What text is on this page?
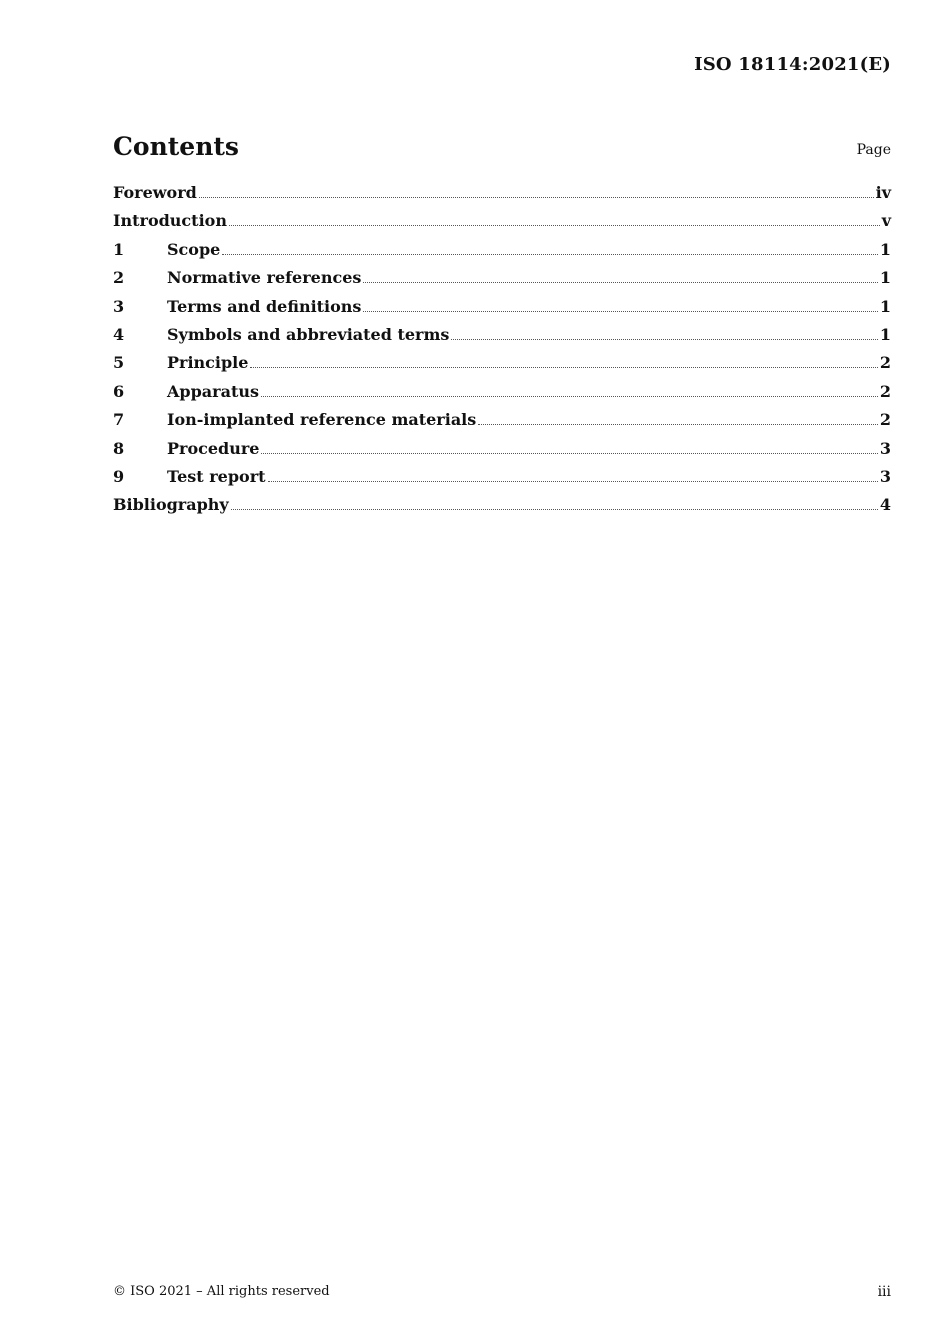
ISO 18114:2021(E)
Contents	Page
Foreword	iv
Introduction	v
1	Scope	1
2	Normative references	1
3	Terms and definitions	1
4	Symbols and abbreviated terms	1
5	Principle	2
6	Apparatus	2
7	Ion-implanted reference materials	2
8	Procedure	3
9	Test report	3
Bibliography	4
© ISO 2021 – All rights reserved	iii
